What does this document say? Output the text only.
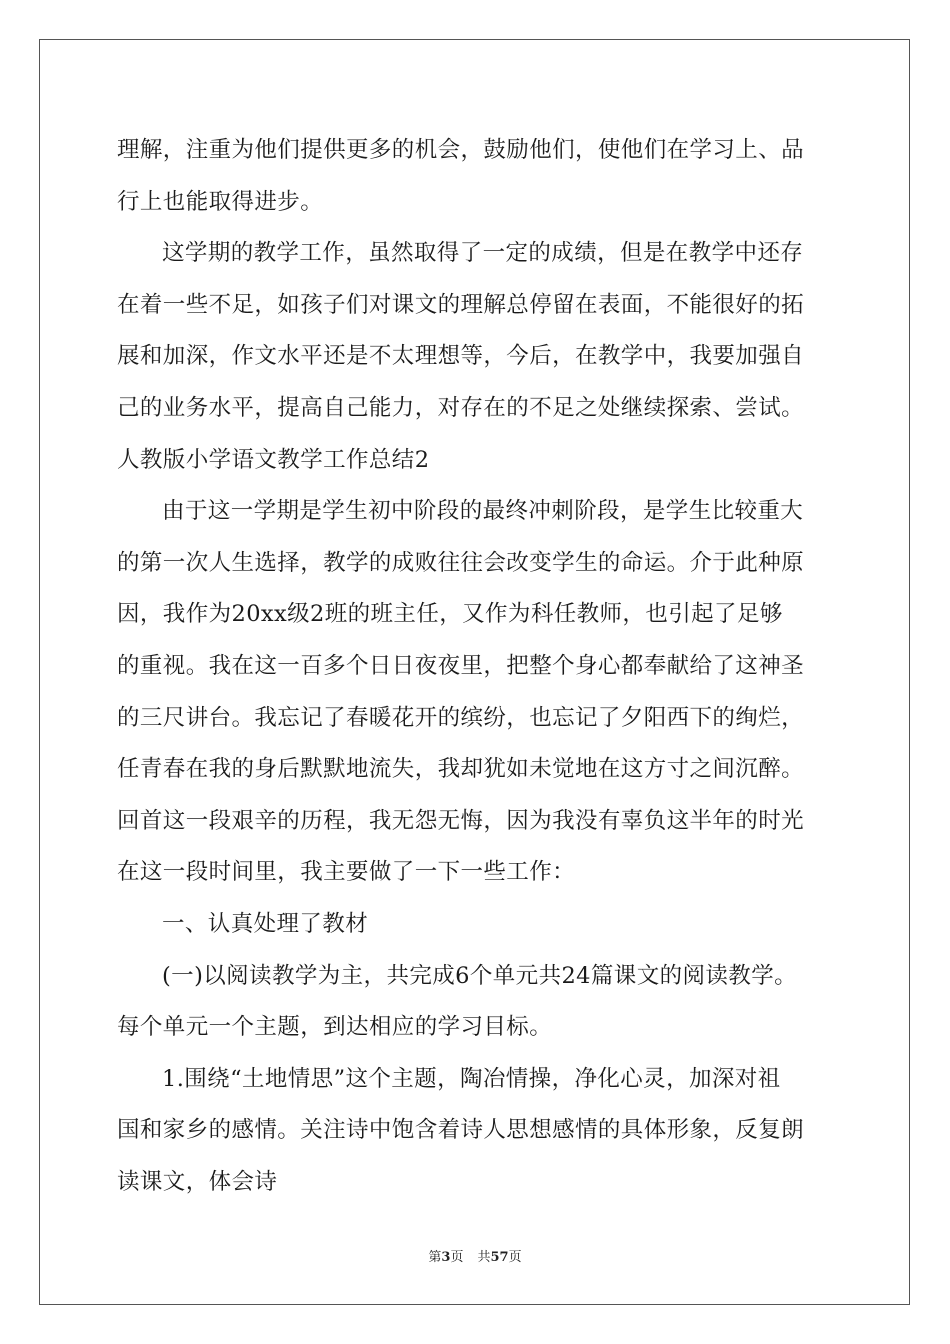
理解，注重为他们提供更多的机会，鼓励他们，使他们在学习上、品
行上也能取得进步。
这学期的教学工作，虽然取得了一定的成绩，但是在教学中还存
在着一些不足，如孩子们对课文的理解总停留在表面，不能很好的拓
展和加深，作文水平还是不太理想等，今后，在教学中，我要加强自
己的业务水平，提高自己能力，对存在的不足之处继续探索、尝试。
人教版小学语文教学工作总结2
由于这一学期是学生初中阶段的最终冲刺阶段，是学生比较重大
的第一次人生选择，教学的成败往往会改变学生的命运。介于此种原
因，我作为20xx级2班的班主任，又作为科任教师，也引起了足够
的重视。我在这一百多个日日夜夜里，把整个身心都奉献给了这神圣
的三尺讲台。我忘记了春暖花开的缤纷，也忘记了夕阳西下的绚烂，
任青春在我的身后默默地流失，我却犹如未觉地在这方寸之间沉醉。
回首这一段艰辛的历程，我无怨无悔，因为我没有辜负这半年的时光
在这一段时间里，我主要做了一下一些工作：
一、认真处理了教材
(一)以阅读教学为主，共完成6个单元共24篇课文的阅读教学。
每个单元一个主题，到达相应的学习目标。
1.围绕“土地情思”这个主题，陶冶情操，净化心灵，加深对祖
国和家乡的感情。关注诗中饱含着诗人思想感情的具体形象，反复朗
读课文，体会诗
第3页 共57页
